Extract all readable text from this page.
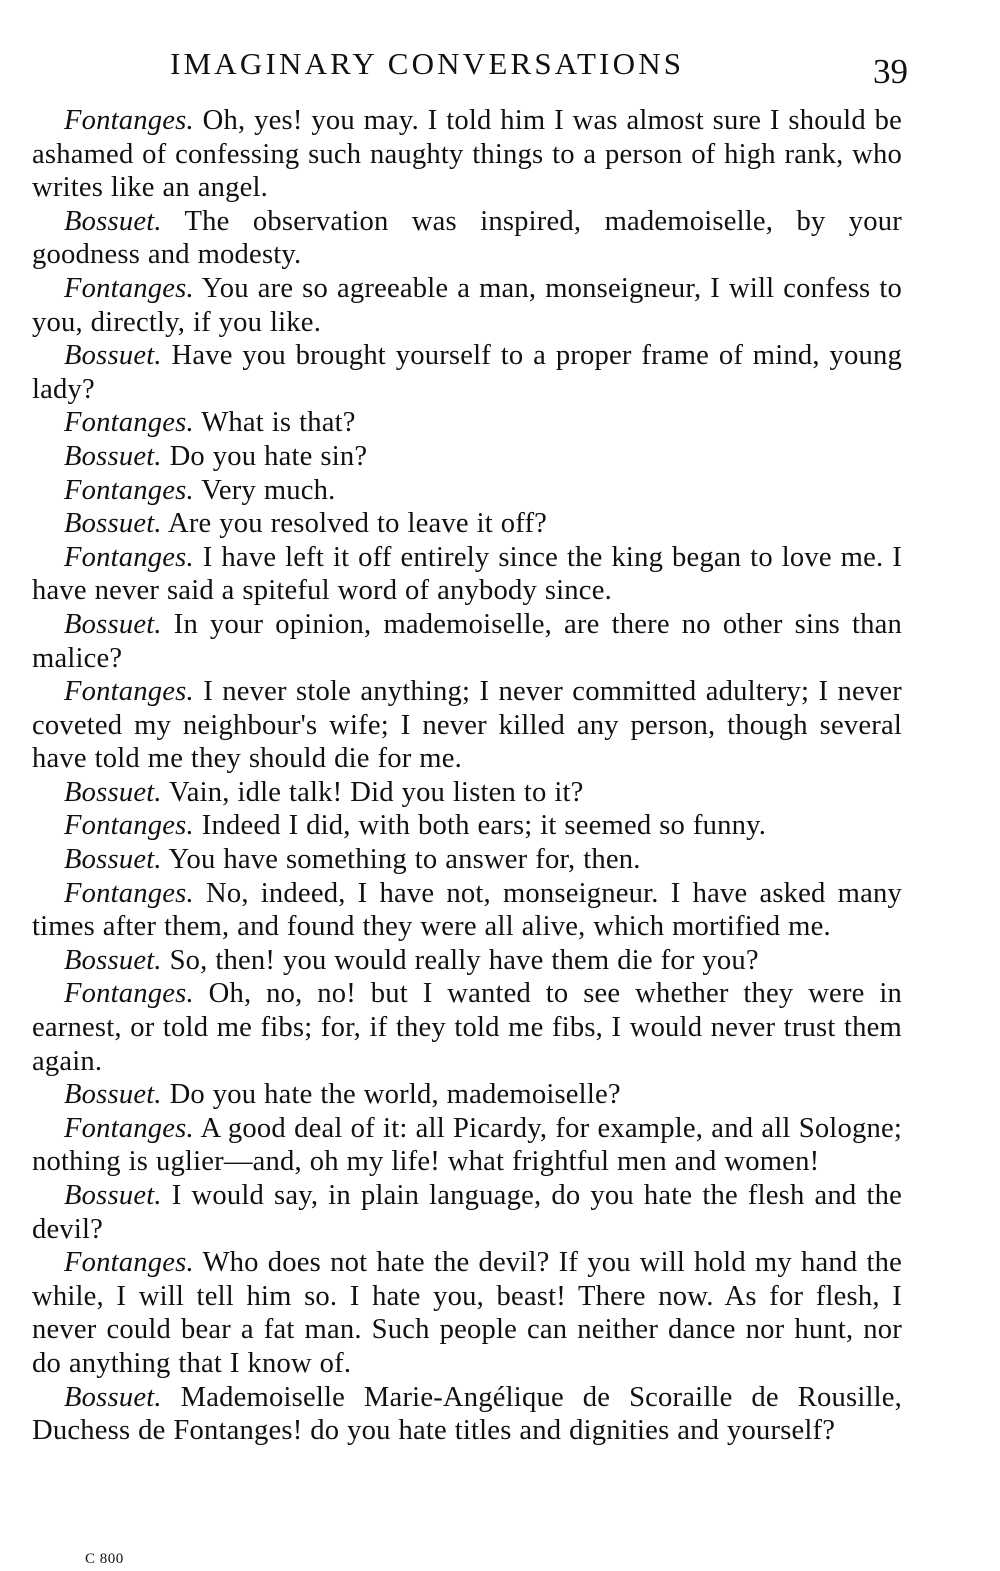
IMAGINARY CONVERSATIONS	39

Fontanges. Oh, yes! you may. I told him I was almost sure I should be ashamed of confessing such naughty things to a person of high rank, who writes like an angel.

Bossuet. The observation was inspired, mademoiselle, by your goodness and modesty.

Fontanges. You are so agreeable a man, monseigneur, I will confess to you, directly, if you like.

Bossuet. Have you brought yourself to a proper frame of mind, young lady?

Fontanges. What is that?

Bossuet. Do you hate sin?

Fontanges. Very much.

Bossuet. Are you resolved to leave it off?

Fontanges. I have left it off entirely since the king began to love me. I have never said a spiteful word of anybody since.

Bossuet. In your opinion, mademoiselle, are there no other sins than malice?

Fontanges. I never stole anything; I never committed adultery; I never coveted my neighbour's wife; I never killed any person, though several have told me they should die for me.

Bossuet. Vain, idle talk! Did you listen to it?

Fontanges. Indeed I did, with both ears; it seemed so funny.

Bossuet. You have something to answer for, then.

Fontanges. No, indeed, I have not, monseigneur. I have asked many times after them, and found they were all alive, which mortified me.

Bossuet. So, then! you would really have them die for you?

Fontanges. Oh, no, no! but I wanted to see whether they were in earnest, or told me fibs; for, if they told me fibs, I would never trust them again.

Bossuet. Do you hate the world, mademoiselle?

Fontanges. A good deal of it: all Picardy, for example, and all Sologne; nothing is uglier—and, oh my life! what frightful men and women!

Bossuet. I would say, in plain language, do you hate the flesh and the devil?

Fontanges. Who does not hate the devil? If you will hold my hand the while, I will tell him so. I hate you, beast! There now. As for flesh, I never could bear a fat man. Such people can neither dance nor hunt, nor do anything that I know of.

Bossuet. Mademoiselle Marie-Angélique de Scoraille de Rousille, Duchess de Fontanges! do you hate titles and dignities and yourself?

C 800
